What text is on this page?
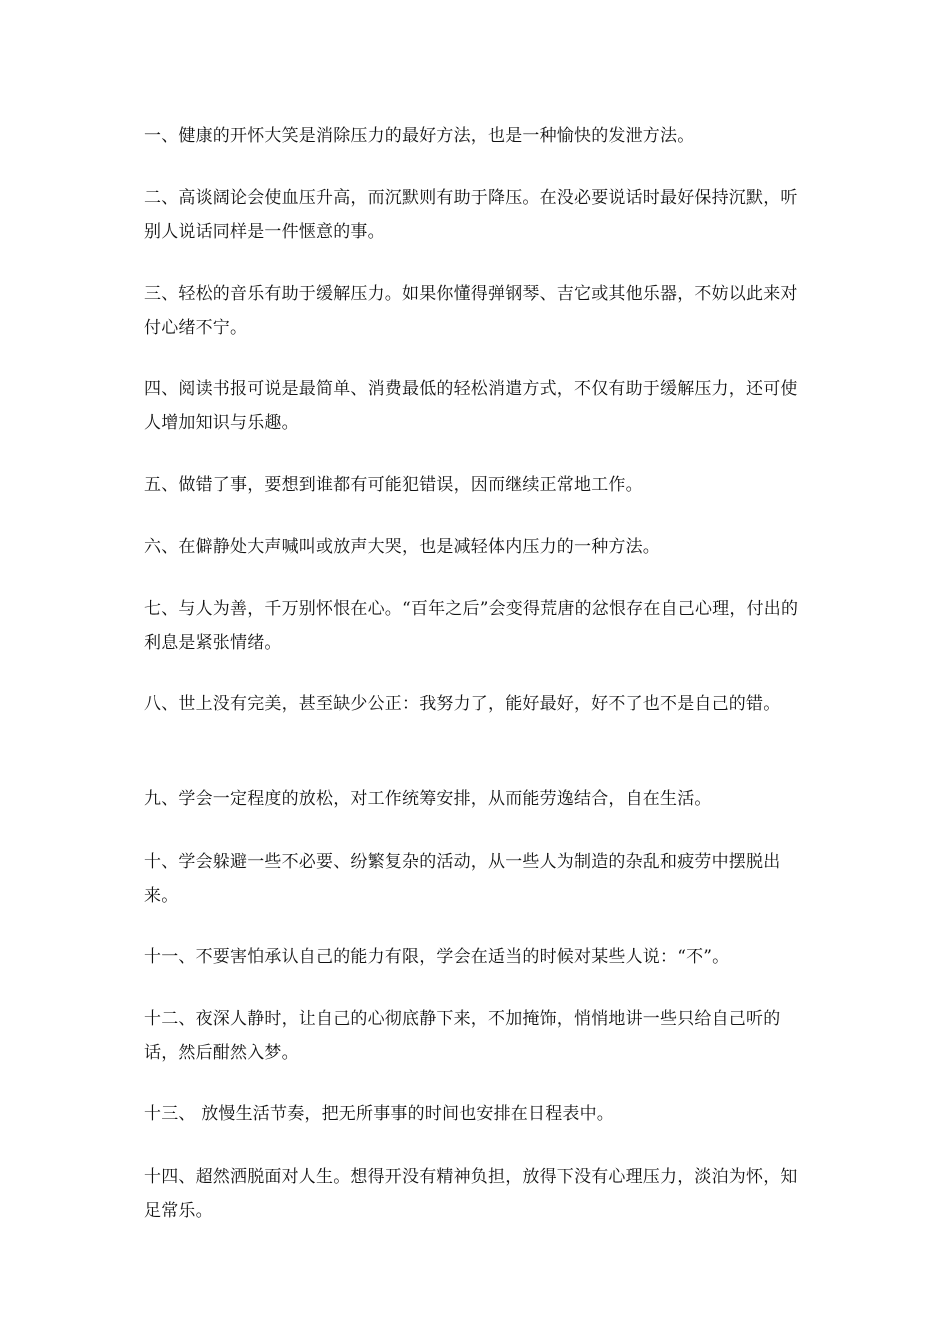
一、健康的开怀大笑是消除压力的最好方法，也是一种愉快的发泄方法。

二、高谈阔论会使血压升高，而沉默则有助于降压。在没必要说话时最好保持沉默，听别人说话同样是一件惬意的事。

三、轻松的音乐有助于缓解压力。如果你懂得弹钢琴、吉它或其他乐器，不妨以此来对付心绪不宁。

四、阅读书报可说是最简单、消费最低的轻松消遣方式，不仅有助于缓解压力，还可使人增加知识与乐趣。

五、做错了事，要想到谁都有可能犯错误，因而继续正常地工作。

六、在僻静处大声喊叫或放声大哭，也是减轻体内压力的一种方法。

七、与人为善，千万别怀恨在心。“百年之后”会变得荒唐的忿恨存在自己心理，付出的利息是紧张情绪。

八、世上没有完美，甚至缺少公正：我努力了，能好最好，好不了也不是自己的错。

九、学会一定程度的放松，对工作统筹安排，从而能劳逸结合，自在生活。

十、学会躲避一些不必要、纷繁复杂的活动，从一些人为制造的杂乱和疲劳中摆脱出来。

十一、不要害怕承认自己的能力有限，学会在适当的时候对某些人说：“不”。

十二、夜深人静时，让自己的心彻底静下来，不加掩饰，悄悄地讲一些只给自己听的话，然后酣然入梦。

十三、 放慢生活节奏，把无所事事的时间也安排在日程表中。

十四、超然洒脱面对人生。想得开没有精神负担，放得下没有心理压力，淡泊为怀，知足常乐。
